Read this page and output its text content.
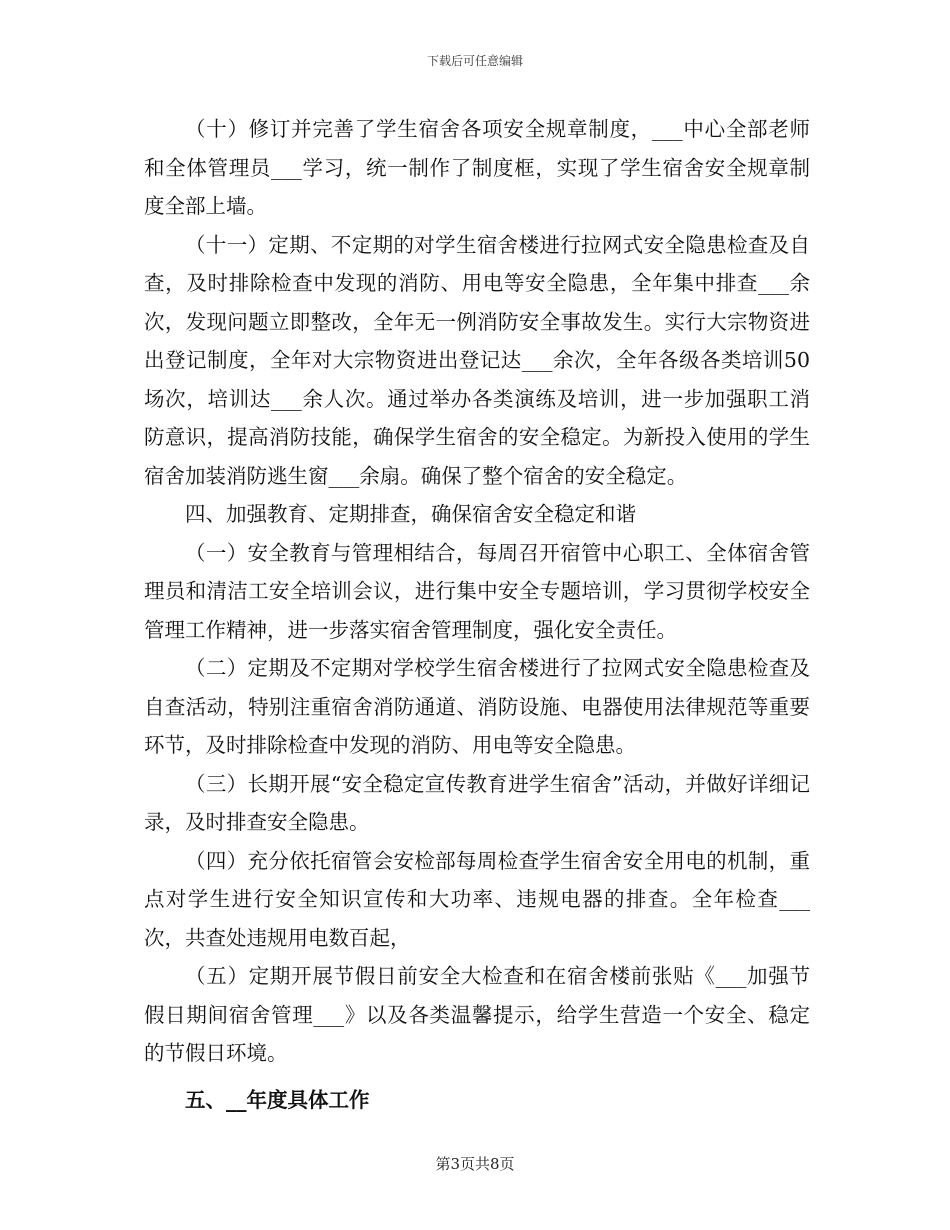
下载后可任意编辑

（十）修订并完善了学生宿舍各项安全规章制度，___中心全部老师和全体管理员___学习，统一制作了制度框，实现了学生宿舍安全规章制度全部上墙。

（十一）定期、不定期的对学生宿舍楼进行拉网式安全隐患检查及自查，及时排除检查中发现的消防、用电等安全隐患，全年集中排查___余次，发现问题立即整改，全年无一例消防安全事故发生。实行大宗物资进出登记制度，全年对大宗物资进出登记达___余次，全年各级各类培训50场次，培训达___余人次。通过举办各类演练及培训，进一步加强职工消防意识，提高消防技能，确保学生宿舍的安全稳定。为新投入使用的学生宿舍加装消防逃生窗___余扇。确保了整个宿舍的安全稳定。

四、加强教育、定期排查，确保宿舍安全稳定和谐

（一）安全教育与管理相结合，每周召开宿管中心职工、全体宿舍管理员和清洁工安全培训会议，进行集中安全专题培训，学习贯彻学校安全管理工作精神，进一步落实宿舍管理制度，强化安全责任。

（二）定期及不定期对学校学生宿舍楼进行了拉网式安全隐患检查及自查活动，特别注重宿舍消防通道、消防设施、电器使用法律规范等重要环节，及时排除检查中发现的消防、用电等安全隐患。

（三）长期开展“安全稳定宣传教育进学生宿舍”活动，并做好详细记录，及时排查安全隐患。

（四）充分依托宿管会安检部每周检查学生宿舍安全用电的机制，重点对学生进行安全知识宣传和大功率、违规电器的排查。全年检查___次，共查处违规用电数百起，

（五）定期开展节假日前安全大检查和在宿舍楼前张贴《___加强节假日期间宿舍管理___》以及各类温馨提示，给学生营造一个安全、稳定的节假日环境。

五、__年度具体工作

第3页共8页
